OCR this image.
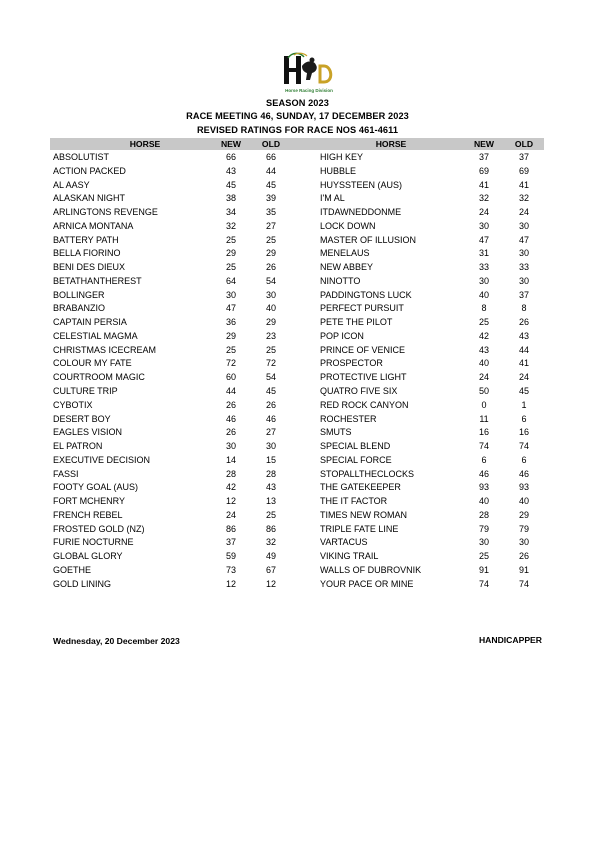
Horse Racing Division
SEASON 2023
RACE MEETING 46, SUNDAY, 17 DECEMBER 2023
REVISED RATINGS FOR RACE NOS 461-4611
HORSE	NEW	OLD	HORSE	NEW	OLD
ABSOLUTIST	66	66	HIGH KEY	37	37
ACTION PACKED	43	44	HUBBLE	69	69
AL AASY	45	45	HUYSSTEEN (AUS)	41	41
ALASKAN NIGHT	38	39	I'M AL	32	32
ARLINGTONS REVENGE	34	35	ITDAWNEDDONME	24	24
ARNICA MONTANA	32	27	LOCK DOWN	30	30
BATTERY PATH	25	25	MASTER OF ILLUSION	47	47
BELLA FIORINO	29	29	MENELAUS	31	30
BENI DES DIEUX	25	26	NEW ABBEY	33	33
BETATHANTHEREST	64	54	NINOTTO	30	30
BOLLINGER	30	30	PADDINGTONS LUCK	40	37
BRABANZIO	47	40	PERFECT PURSUIT	8	8
CAPTAIN PERSIA	36	29	PETE THE PILOT	25	26
CELESTIAL MAGMA	29	23	POP ICON	42	43
CHRISTMAS ICECREAM	25	25	PRINCE OF VENICE	43	44
COLOUR MY FATE	72	72	PROSPECTOR	40	41
COURTROOM MAGIC	60	54	PROTECTIVE LIGHT	24	24
CULTURE TRIP	44	45	QUATRO FIVE SIX	50	45
CYBOTIX	26	26	RED ROCK CANYON	0	1
DESERT BOY	46	46	ROCHESTER	11	6
EAGLES VISION	26	27	SMUTS	16	16
EL PATRON	30	30	SPECIAL BLEND	74	74
EXECUTIVE DECISION	14	15	SPECIAL FORCE	6	6
FASSI	28	28	STOPALLTHECLOCKS	46	46
FOOTY GOAL (AUS)	42	43	THE GATEKEEPER	93	93
FORT MCHENRY	12	13	THE IT FACTOR	40	40
FRENCH REBEL	24	25	TIMES NEW ROMAN	28	29
FROSTED GOLD (NZ)	86	86	TRIPLE FATE LINE	79	79
FURIE NOCTURNE	37	32	VARTACUS	30	30
GLOBAL GLORY	59	49	VIKING TRAIL	25	26
GOETHE	73	67	WALLS OF DUBROVNIK	91	91
GOLD LINING	12	12	YOUR PACE OR MINE	74	74
Wednesday, 20 December 2023	HANDICAPPER
